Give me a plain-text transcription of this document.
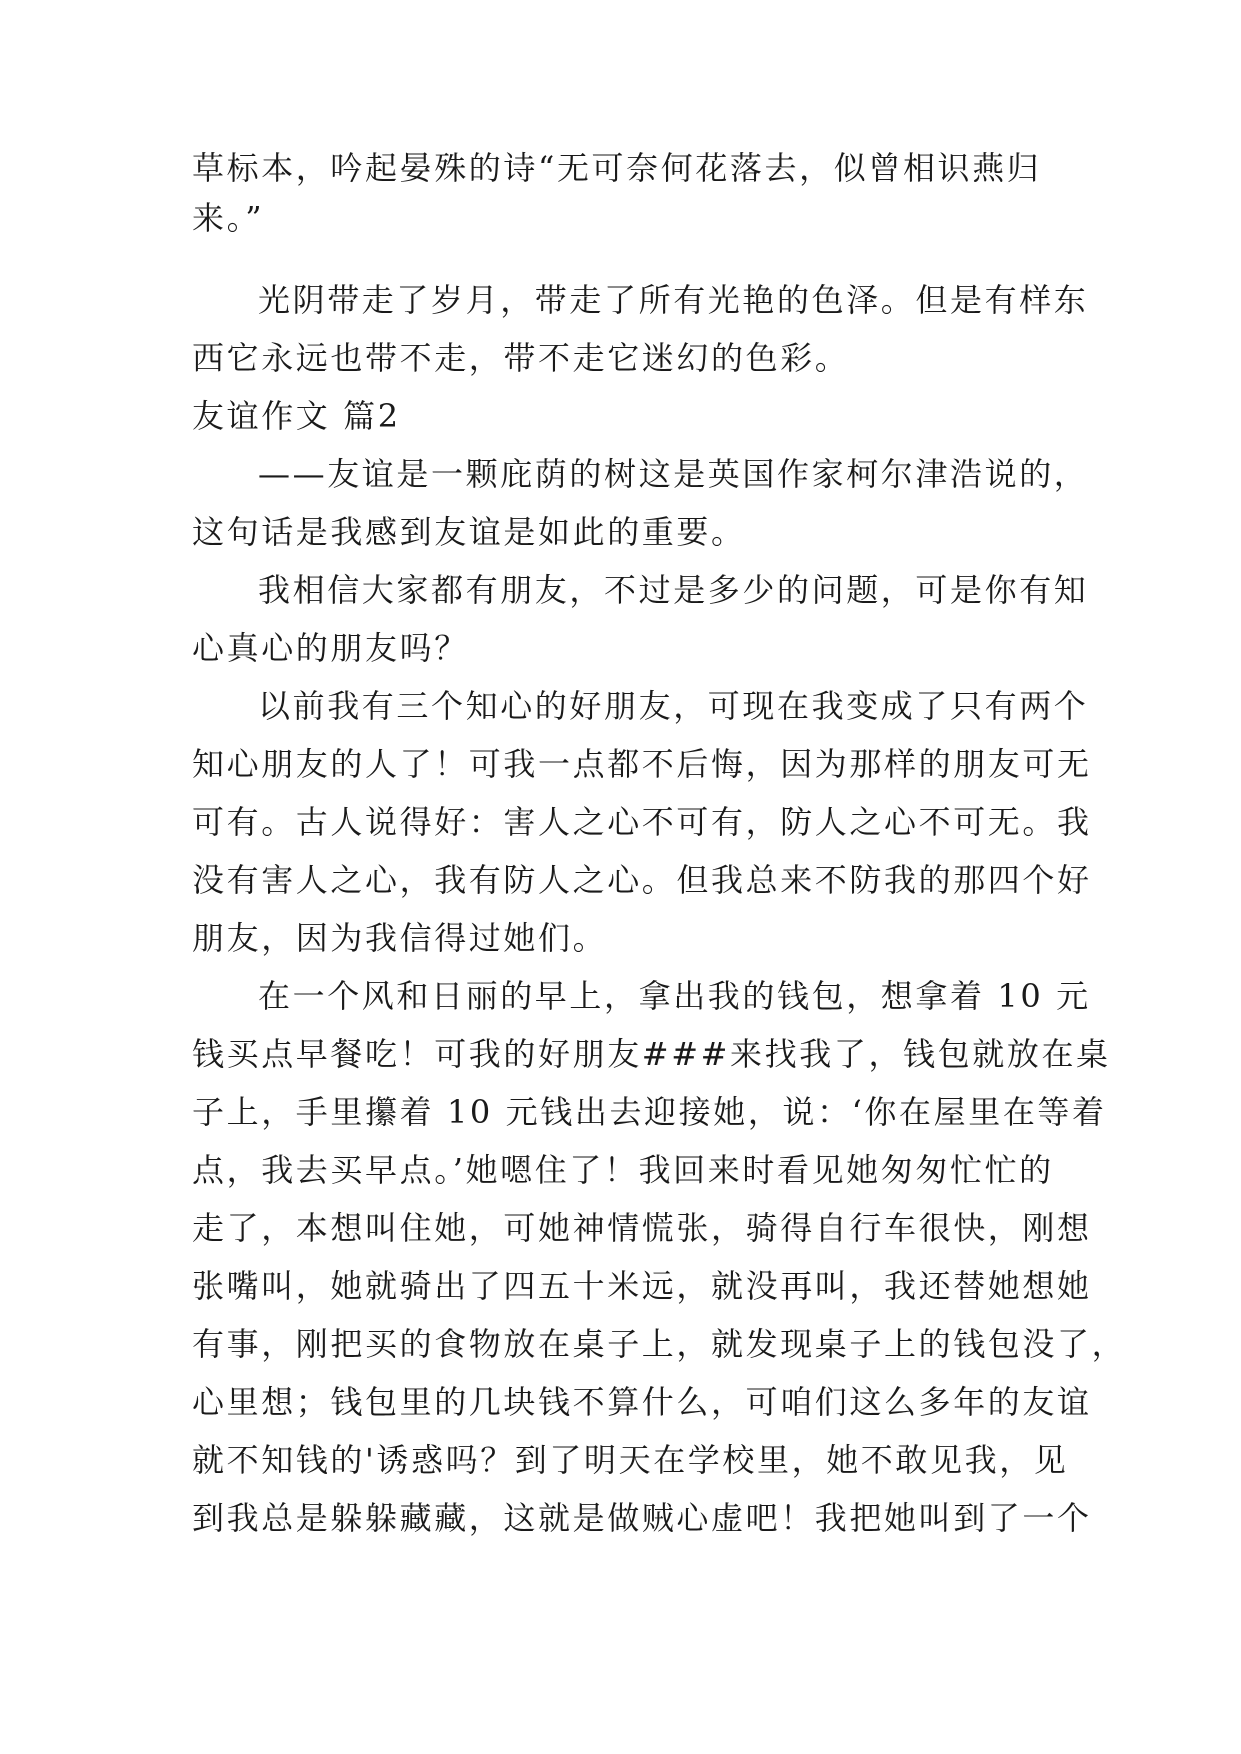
草标本，吟起晏殊的诗“无可奈何花落去，似曾相识燕归
来。”
光阴带走了岁月，带走了所有光艳的色泽。但是有样东
西它永远也带不走，带不走它迷幻的色彩。
友谊作文 篇2
——友谊是一颗庇荫的树这是英国作家柯尔津浩说的，
这句话是我感到友谊是如此的重要。
我相信大家都有朋友，不过是多少的问题，可是你有知
心真心的朋友吗？
以前我有三个知心的好朋友，可现在我变成了只有两个
知心朋友的人了！可我一点都不后悔，因为那样的朋友可无
可有。古人说得好：害人之心不可有，防人之心不可无。我
没有害人之心，我有防人之心。但我总来不防我的那四个好
朋友，因为我信得过她们。
在一个风和日丽的早上，拿出我的钱包，想拿着 10 元
钱买点早餐吃！可我的好朋友###来找我了，钱包就放在桌
子上，手里攥着 10 元钱出去迎接她，说：‘你在屋里在等着
点，我去买早点。’她嗯住了！我回来时看见她匆匆忙忙的
走了，本想叫住她，可她神情慌张，骑得自行车很快，刚想
张嘴叫，她就骑出了四五十米远，就没再叫，我还替她想她
有事，刚把买的食物放在桌子上，就发现桌子上的钱包没了，
心里想；钱包里的几块钱不算什么，可咱们这么多年的友谊
就不知钱的'诱惑吗？到了明天在学校里，她不敢见我，见
到我总是躲躲藏藏，这就是做贼心虚吧！我把她叫到了一个
